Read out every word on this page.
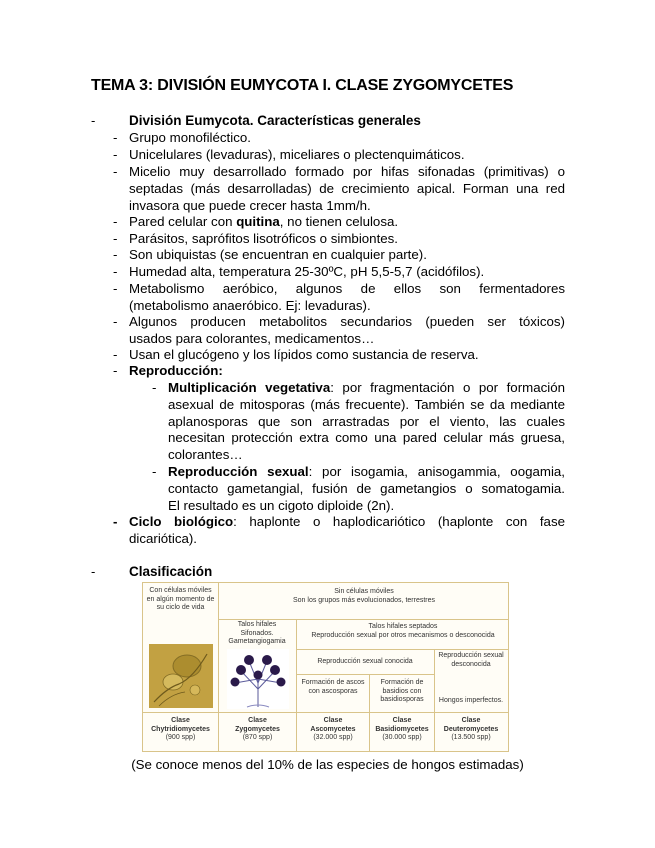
TEMA 3: DIVISIÓN EUMYCOTA I. CLASE ZYGOMYCETES
- División Eumycota. Características generales
- Grupo monofiléctico.
- Unicelulares (levaduras), miceliares o plectenquimáticos.
- Micelio muy desarrollado formado por hifas sifonadas (primitivas) o
septadas (más desarrolladas) de crecimiento apical. Forman una red
invasora que puede crecer hasta 1mm/h.
- Pared celular con quitina, no tienen celulosa.
- Parásitos, saprófitos lisotróficos o simbiontes.
- Son ubiquistas (se encuentran en cualquier parte).
- Humedad alta, temperatura 25-30ºC, pH 5,5-5,7 (acidófilos).
- Metabolismo aeróbico, algunos de ellos son fermentadores
(metabolismo anaeróbico. Ej: levaduras).
- Algunos producen metabolitos secundarios (pueden ser tóxicos)
usados para colorantes, medicamentos…
- Usan el glucógeno y los lípidos como sustancia de reserva.
- Reproducción:
- Multiplicación vegetativa: por fragmentación o por formación
asexual de mitosporas (más frecuente). También se da mediante
aplanosporas que son arrastradas por el viento, las cuales
necesitan protección extra como una pared celular más gruesa,
colorantes…
- Reproducción sexual: por isogamia, anisogammia, oogamia,
contacto gametangial, fusión de gametangios o somatogamia.
El resultado es un cigoto diploide (2n).
- Ciclo biológico: haplonte o haplodicariótico (haplonte con fase
dicariótica).
- Clasificación
Con células móviles en algún momento de su ciclo de vida
Sin células móviles
Son los grupos más evolucionados, terrestres
Talos hifales Sifonados. Gametangiogamia
Talos hifales septados
Reproducción sexual por otros mecanismos o desconocida
Reproducción sexual conocida
Reproducción sexual desconocida
Formación de ascos con ascosporas
Formación de basidios con basidiosporas	Hongos imperfectos.
Clase
Chytridiomycetes
(900 spp)
Clase
Zygomycetes
(870 spp)
Clase
Ascomycetes
(32.000 spp)
Clase
Basidiomycetes
(30.000 spp)
Clase
Deuteromycetes
(13.500 spp)
(Se conoce menos del 10% de las especies de hongos estimadas)
